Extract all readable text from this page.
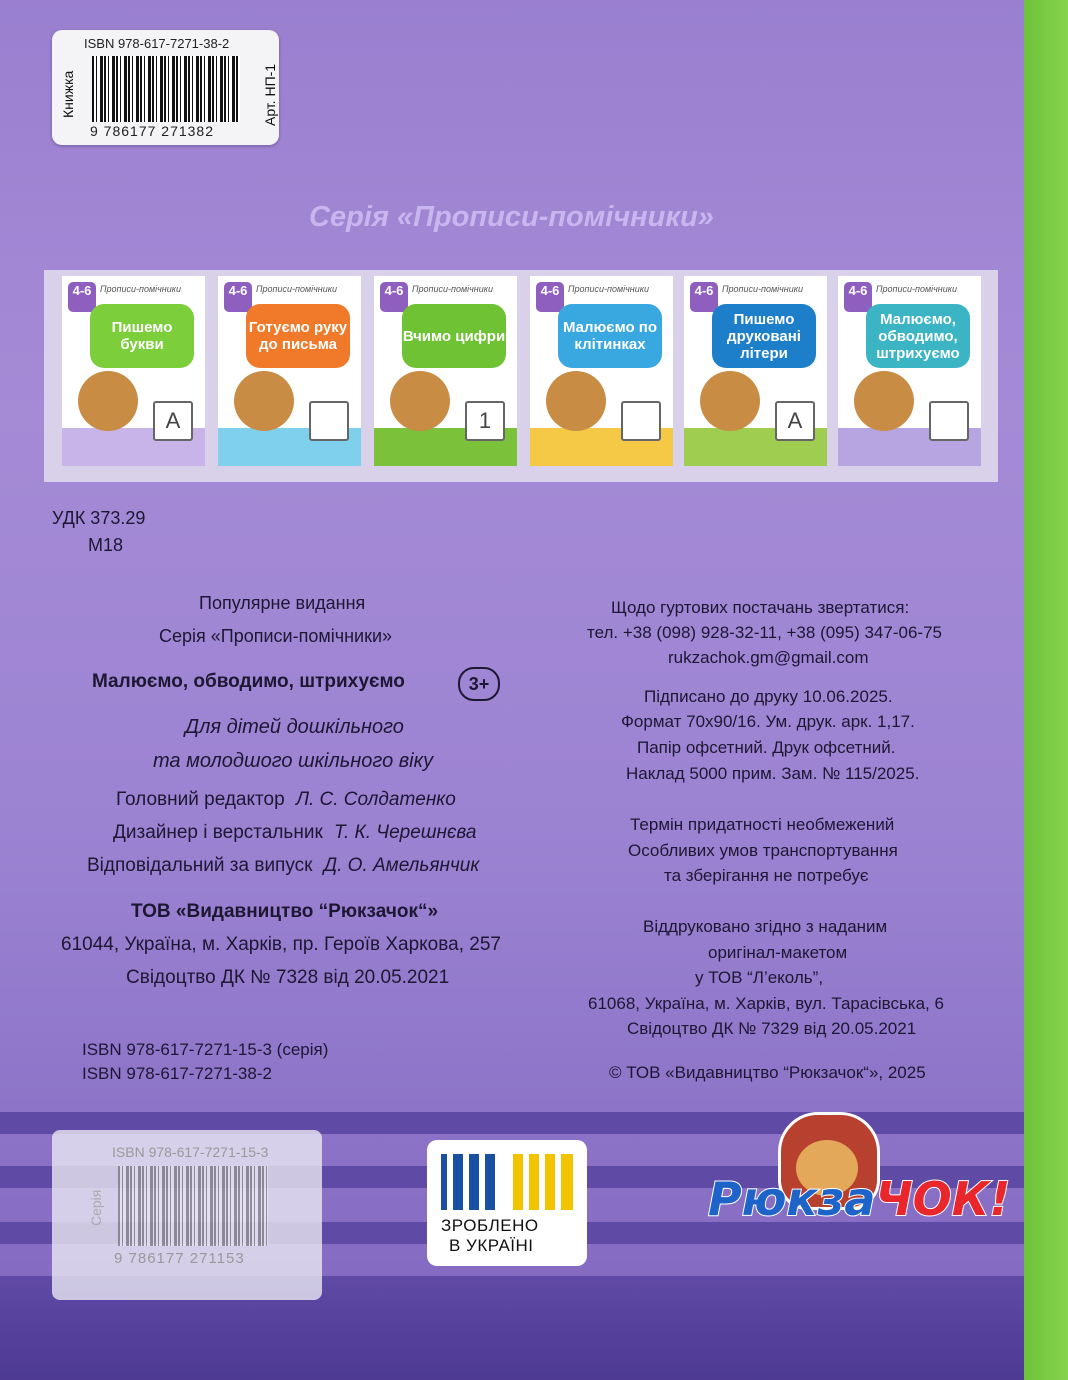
ISBN 978-617-7271-38-2
9 786177 271382
Книжка	Арт. НП-1
Серія «Прописи-помічники»
4-6 Прописи-помічники
Пишемо букви
A
4-6 Прописи-помічники
Готуємо руку до письма
4-6 Прописи-помічники
Вчимо цифри
1
4-6 Прописи-помічники
Малюємо по клітинках
4-6 Прописи-помічники
Пишемо друковані літери
A
4-6 Прописи-помічники
Малюємо, обводимо, штрихуємо
УДК 373.29
М18
Популярне видання
Серія «Прописи-помічники»
Малюємо, обводимо, штрихуємо	3+
Для дітей дошкільного
та молодшого шкільного віку
Головний редактор Л. С. Солдатенко
Дизайнер і верстальник Т. К. Черешнєва
Відповідальний за випуск Д. О. Амельянчик
ТОВ «Видавництво “Рюкзачок“»
61044, Україна, м. Харків, пр. Героїв Харкова, 257
Свідоцтво ДК № 7328 від 20.05.2021
ISBN 978-617-7271-15-3 (серія)
ISBN 978-617-7271-38-2
Щодо гуртових постачань звертатися:
тел. +38 (098) 928-32-11, +38 (095) 347-06-75
rukzachok.gm@gmail.com
Підписано до друку 10.06.2025.
Формат 70х90/16. Ум. друк. арк. 1,17.
Папір офсетний. Друк офсетний.
Наклад 5000 прим. Зам. № 115/2025.
Термін придатності необмежений
Особливих умов транспортування
та зберігання не потребує
Віддруковано згідно з наданим
оригінал-макетом
у ТОВ “Л’еколь”,
61068, Україна, м. Харків, вул. Тарасівська, 6
Свідоцтво ДК № 7329 від 20.05.2021
© ТОВ «Видавництво “Рюкзачок“», 2025
ISBN 978-617-7271-15-3
9 786177 271153
Серія	ЗРОБЛЕНО
В УКРАЇНІ
РюкзаЧОК!
